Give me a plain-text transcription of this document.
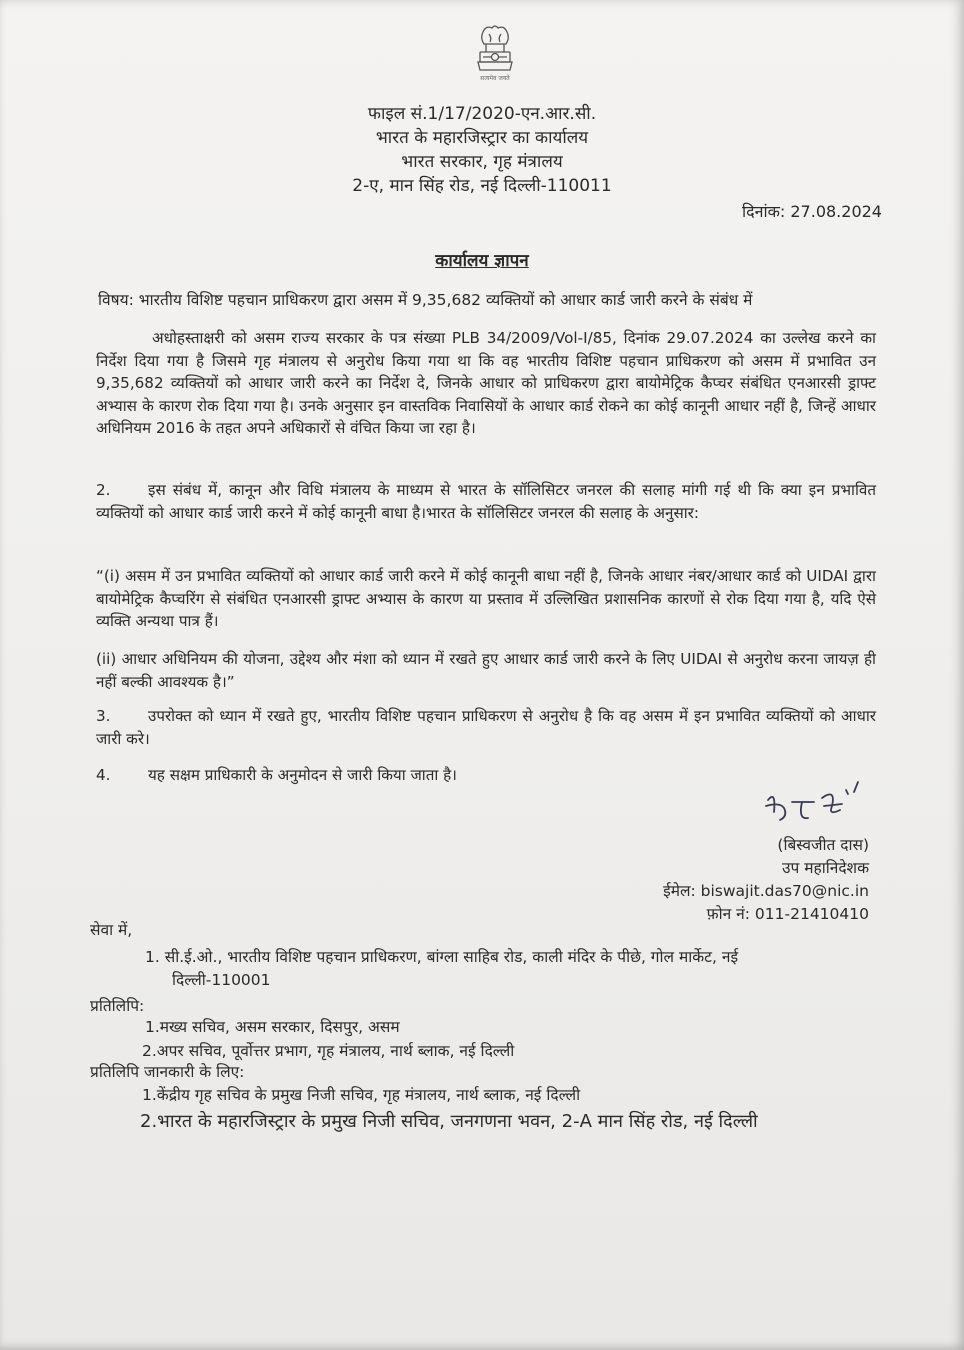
सत्यमेव जयते
फाइल सं.1/17/2020-एन.आर.सी.
भारत के महारजिस्ट्रार का कार्यालय
भारत सरकार, गृह मंत्रालय
2-ए, मान सिंह रोड, नई दिल्ली-110011
दिनांक: 27.08.2024
कार्यालय ज्ञापन
विषय: भारतीय विशिष्ट पहचान प्राधिकरण द्वारा असम में 9,35,682 व्यक्तियों को आधार कार्ड जारी करने के संबंध में
अधोहस्ताक्षरी को असम राज्य सरकार के पत्र संख्या PLB 34/2009/Vol-I/85, दिनांक 29.07.2024 का उल्लेख करने का निर्देश दिया गया है जिसमे गृह मंत्रालय से अनुरोध किया गया था कि वह भारतीय विशिष्ट पहचान प्राधिकरण को असम में प्रभावित उन 9,35,682 व्यक्तियों को आधार जारी करने का निर्देश दे, जिनके आधार को प्राधिकरण द्वारा बायोमेट्रिक कैप्चर संबंधित एनआरसी ड्राफ्ट अभ्यास के कारण रोक दिया गया है। उनके अनुसार इन वास्तविक निवासियों के आधार कार्ड रोकने का कोई कानूनी आधार नहीं है, जिन्हें आधार अधिनियम 2016 के तहत अपने अधिकारों से वंचित किया जा रहा है।
2. इस संबंध में, कानून और विधि मंत्रालय के माध्यम से भारत के सॉलिसिटर जनरल की सलाह मांगी गई थी कि क्या इन प्रभावित व्यक्तियों को आधार कार्ड जारी करने में कोई कानूनी बाधा है।भारत के सॉलिसिटर जनरल की सलाह के अनुसार:
“(i) असम में उन प्रभावित व्यक्तियों को आधार कार्ड जारी करने में कोई कानूनी बाधा नहीं है, जिनके आधार नंबर/आधार कार्ड को UIDAI द्वारा बायोमेट्रिक कैप्चरिंग से संबंधित एनआरसी ड्राफ्ट अभ्यास के कारण या प्रस्ताव में उल्लिखित प्रशासनिक कारणों से रोक दिया गया है, यदि ऐसे व्यक्ति अन्यथा पात्र हैं।
(ii) आधार अधिनियम की योजना, उद्देश्य और मंशा को ध्यान में रखते हुए आधार कार्ड जारी करने के लिए UIDAI से अनुरोध करना जायज़ ही नहीं बल्की आवश्यक है।”
3. उपरोक्त को ध्यान में रखते हुए, भारतीय विशिष्ट पहचान प्राधिकरण से अनुरोध है कि वह असम में इन प्रभावित व्यक्तियों को आधार जारी करे।
4. यह सक्षम प्राधिकारी के अनुमोदन से जारी किया जाता है।
(बिस्वजीत दास)
उप महानिदेशक
ईमेल: biswajit.das70@nic.in
फ़ोन नं: 011-21410410
सेवा में,
1. सी.ई.ओ., भारतीय विशिष्ट पहचान प्राधिकरण, बांग्ला साहिब रोड, काली मंदिर के पीछे, गोल मार्केट, नई
दिल्ली-110001
प्रतिलिपि:
1.मख्य सचिव, असम सरकार, दिसपुर, असम
2.अपर सचिव, पूर्वोत्तर प्रभाग, गृह मंत्रालय, नार्थ ब्लाक, नई दिल्ली
प्रतिलिपि जानकारी के लिए:
1.केंद्रीय गृह सचिव के प्रमुख निजी सचिव, गृह मंत्रालय, नार्थ ब्लाक, नई दिल्ली
2.भारत के महारजिस्ट्रार के प्रमुख निजी सचिव, जनगणना भवन, 2-A मान सिंह रोड, नई दिल्ली
